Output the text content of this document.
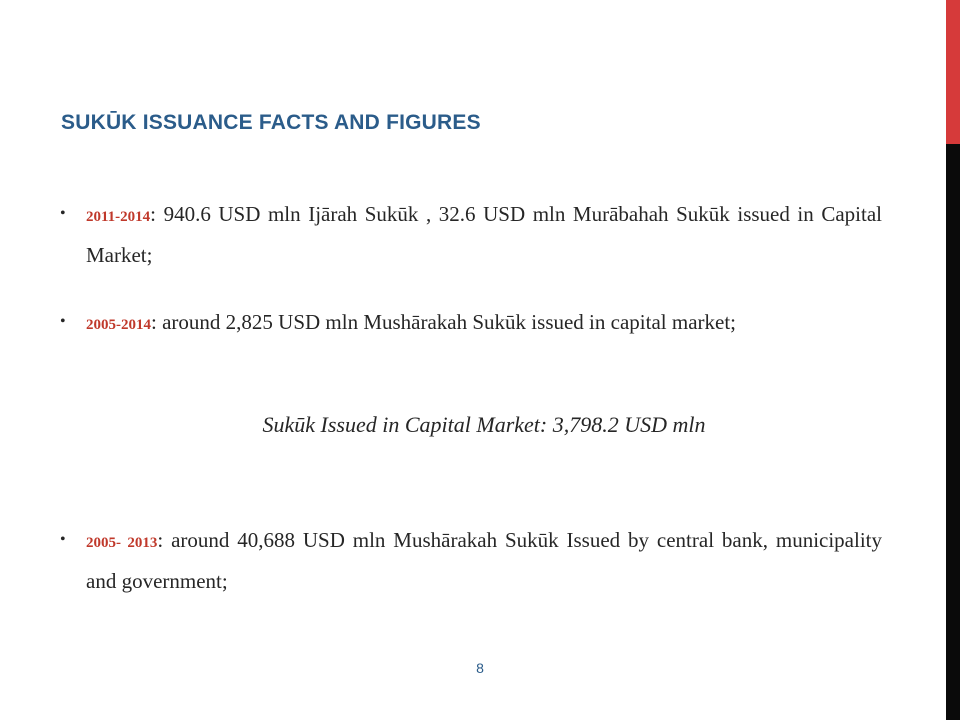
SUKŪK ISSUANCE FACTS AND FIGURES
• 2011-2014: 940.6 USD mln Ijārah Sukūk , 32.6 USD mln Murābahah Sukūk issued in Capital Market;
• 2005-2014: around 2,825 USD mln Mushārakah Sukūk issued in capital market;
Sukūk Issued in Capital Market: 3,798.2 USD mln
• 2005- 2013: around 40,688 USD mln Mushārakah Sukūk Issued by central bank, municipality and government;
8
